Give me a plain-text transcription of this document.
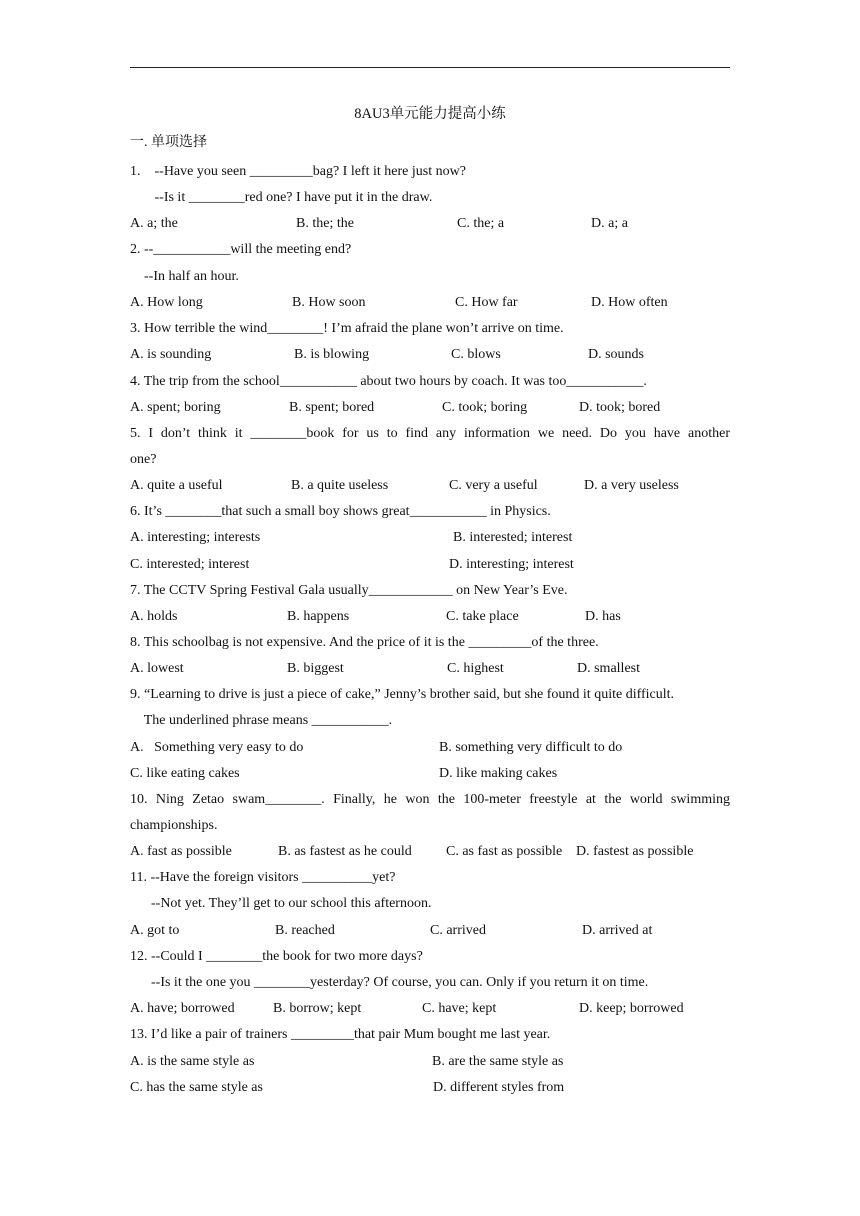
8AU3单元能力提高小练
一. 单项选择
1.    --Have you seen _________bag? I left it here just now?
--Is it ________red one? I have put it in the draw.

A. a; the

	B. the; the

	C. the; a

	D. a; a

2. --___________will the meeting end?
--In half an hour.

A. How long

	B. How soon

	C. How far

	D. How often

3. How terrible the wind________! I’m afraid the plane won’t arrive on time.

A. is sounding

	B. is blowing

	C. blows

	D. sounds

4. The trip from the school___________ about two hours by coach. It was too___________.

A. spent; boring

	B. spent; bored

	C. took; boring

	D. took; bored

5. I don’t think it ________book for us to find any information we need. Do you have another
one?

A. quite a useful

	B. a quite useless

	C. very a useful

	D. a very useless

6. It’s ________that such a small boy shows great___________ in Physics.

A. interesting; interests

	B. interested; interest

C. interested; interest

	D. interesting; interest

7. The CCTV Spring Festival Gala usually____________ on New Year’s Eve.

A. holds

	B. happens

	C. take place

	D. has

8. This schoolbag is not expensive. And the price of it is the _________of the three.

A. lowest

	B. biggest

	C. highest

	D. smallest

9. “Learning to drive is just a piece of cake,” Jenny’s brother said, but she found it quite difficult.
The underlined phrase means ___________.

A.   Something very easy to do

	B. something very difficult to do

C. like eating cakes

	D. like making cakes

10. Ning Zetao swam________. Finally, he won the 100-meter freestyle at the world swimming
championships.

A. fast as possible

	B. as fastest as he could

C. as fast as possible

D. fastest as possible

11. --Have the foreign visitors __________yet?
--Not yet. They’ll get to our school this afternoon.

A. got to

	B. reached

	C. arrived

	D. arrived at

12. --Could I ________the book for two more days?
--Is it the one you ________yesterday? Of course, you can. Only if you return it on time.

A. have; borrowed

	B. borrow; kept

	C. have; kept

	D. keep; borrowed

13. I’d like a pair of trainers _________that pair Mum bought me last year.

A. is the same style as

	B. are the same style as

C. has the same style as

	D. different styles from
